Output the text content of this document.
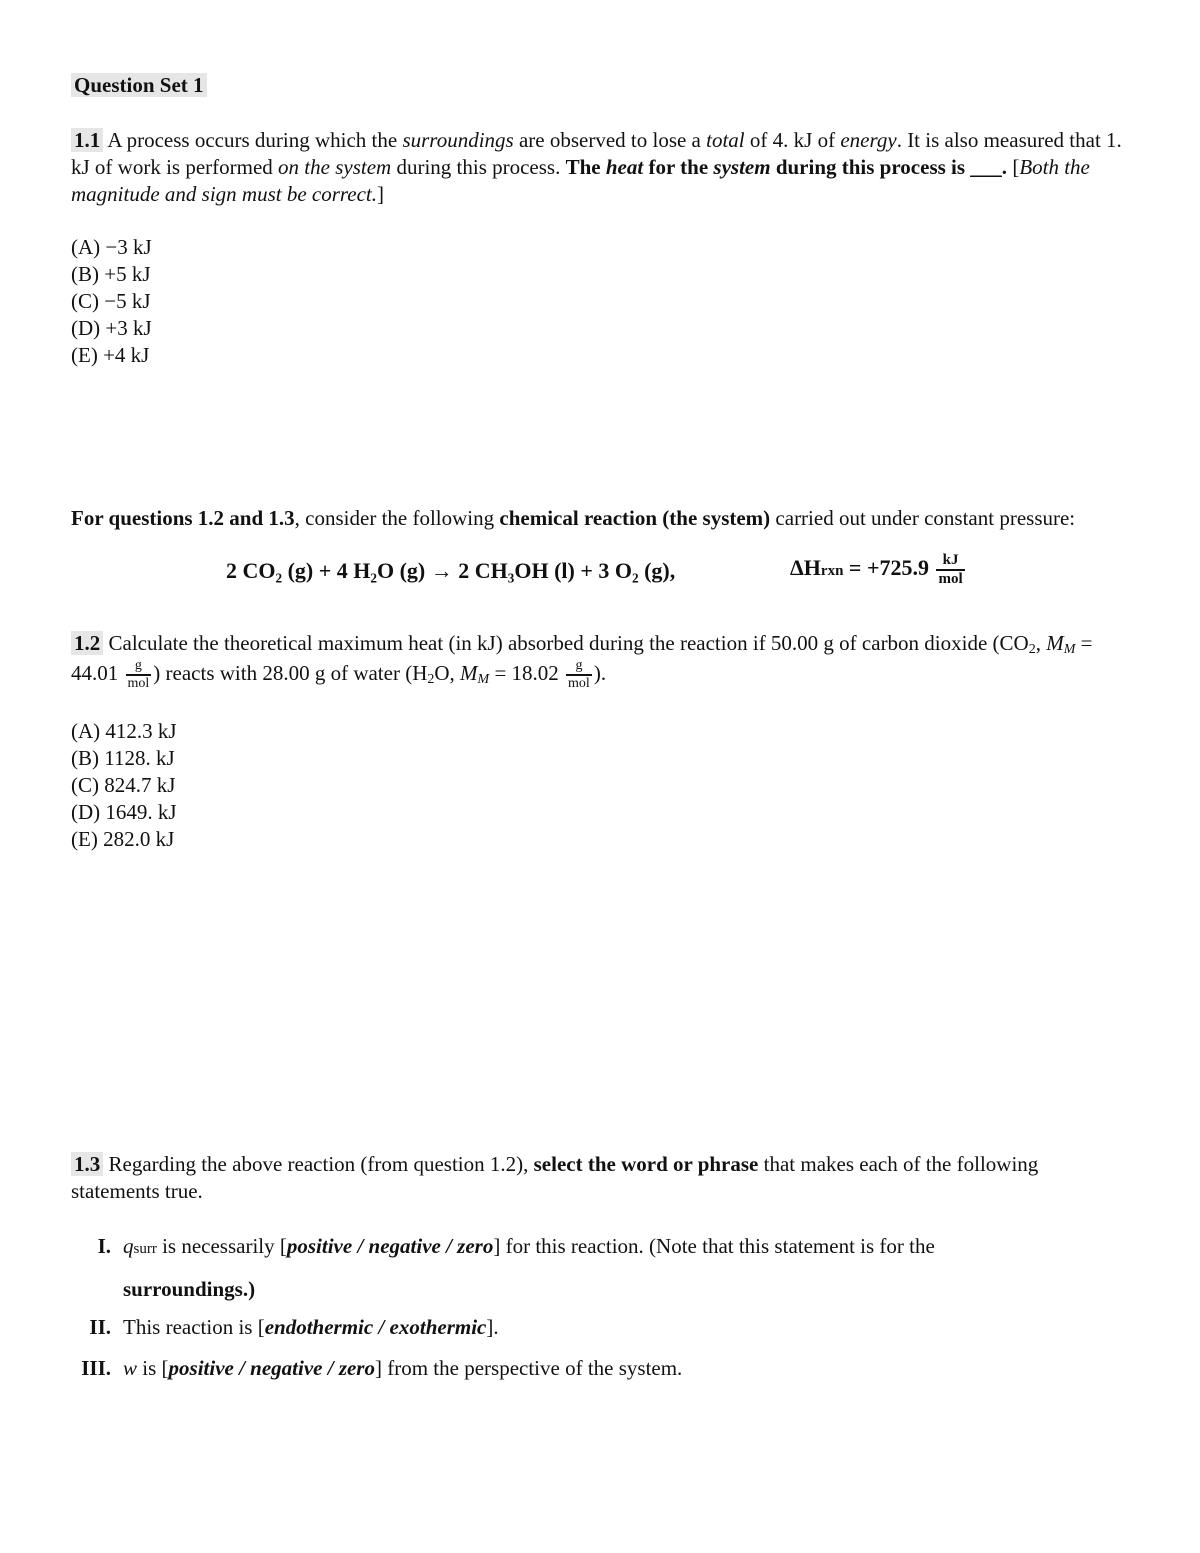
Question Set 1
1.1 A process occurs during which the surroundings are observed to lose a total of 4. kJ of energy. It is also measured that 1. kJ of work is performed on the system during this process. The heat for the system during this process is ___. [Both the magnitude and sign must be correct.]
(A) −3 kJ
(B) +5 kJ
(C) −5 kJ
(D) +3 kJ
(E) +4 kJ
For questions 1.2 and 1.3, consider the following chemical reaction (the system) carried out under constant pressure:
2 CO₂ (g) + 4 H₂O (g) → 2 CH₃OH (l) + 3 O₂ (g),	ΔHrxn = $+725.9 \frac{kJ}{\text{mol}}$
1.2 Calculate the theoretical maximum heat (in kJ) absorbed during the reaction if 50.00 g of carbon dioxide ($CO_2$, $M_M = 44.01 \frac{g}{\text{mol}}$ ) reacts with 28.00 g of water ($H_2O$, $M_M = 18.02 \frac{g}{\text{mol}}$ ).
(A) 412.3 kJ
(B) 1128. kJ
(C) 824.7 kJ
(D) 1649. kJ
(E) 282.0 kJ
1.3 Regarding the above reaction (from question 1.2), select the word or phrase that makes each of the following statements true.
I. qsurr is necessarily [positive / negative / zero] for this reaction. (Note that this statement is for the
surroundings.)
II. This reaction is [endothermic / exothermic].
III. w is [positive / negative / zero] from the perspective of the system.
